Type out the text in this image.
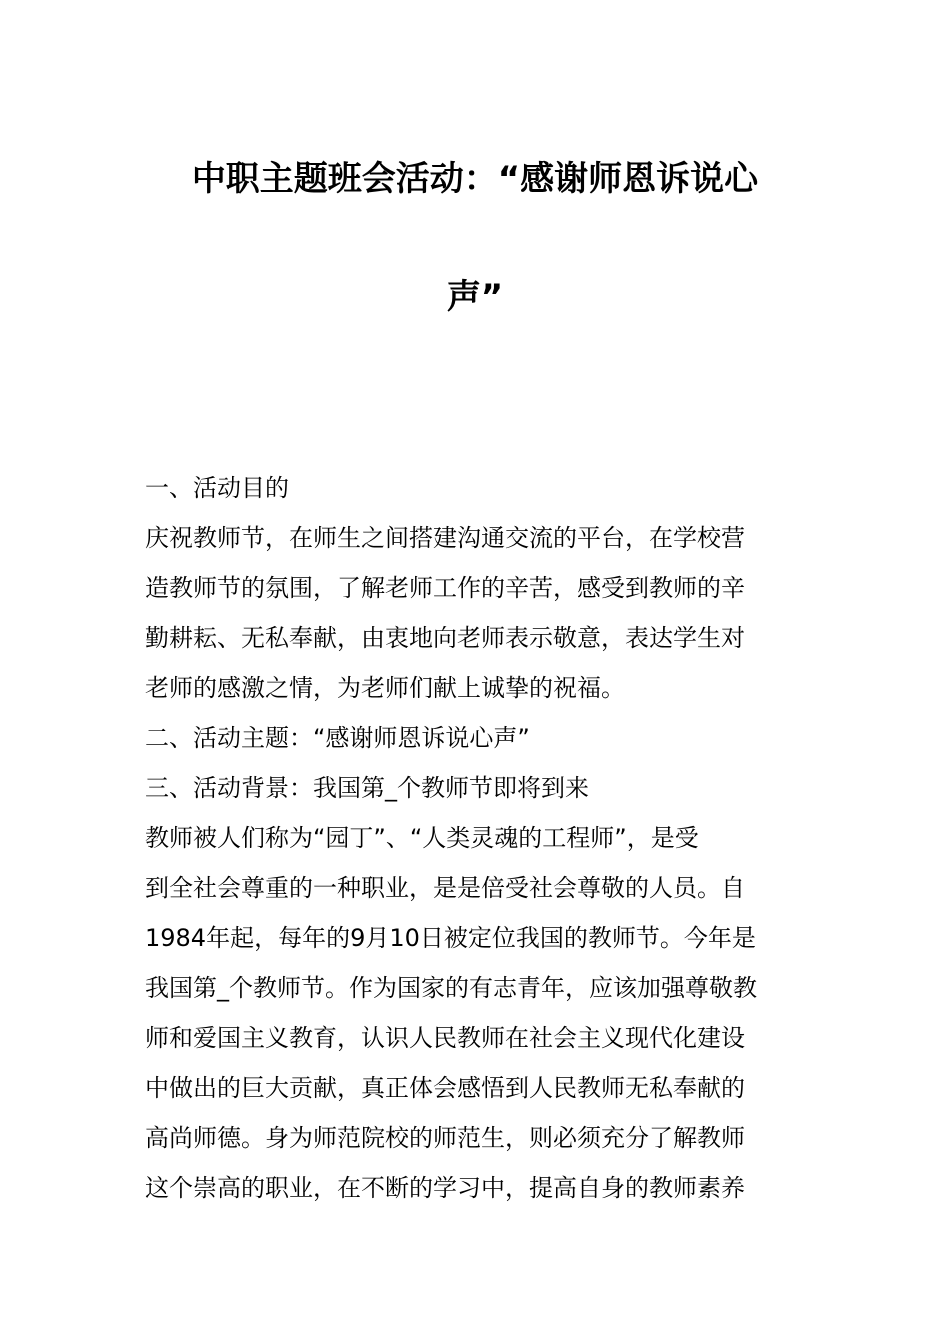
中职主题班会活动：“感谢师恩诉说心
声”

一、活动目的

庆祝教师节，在师生之间搭建沟通交流的平台，在学校营

造教师节的氛围，了解老师工作的辛苦，感受到教师的辛

勤耕耘、无私奉献，由衷地向老师表示敬意，表达学生对

老师的感激之情，为老师们献上诚挚的祝福。

二、活动主题：“感谢师恩诉说心声”

三、活动背景：我国第_个教师节即将到来

教师被人们称为“园丁”、“人类灵魂的工程师”，是受

到全社会尊重的一种职业，是是倍受社会尊敬的人员。自

1984年起，每年的9月10日被定位我国的教师节。今年是

我国第_个教师节。作为国家的有志青年，应该加强尊敬教

师和爱国主义教育，认识人民教师在社会主义现代化建设

中做出的巨大贡献，真正体会感悟到人民教师无私奉献的

高尚师德。身为师范院校的师范生，则必须充分了解教师

这个崇高的职业，在不断的学习中，提高自身的教师素养
